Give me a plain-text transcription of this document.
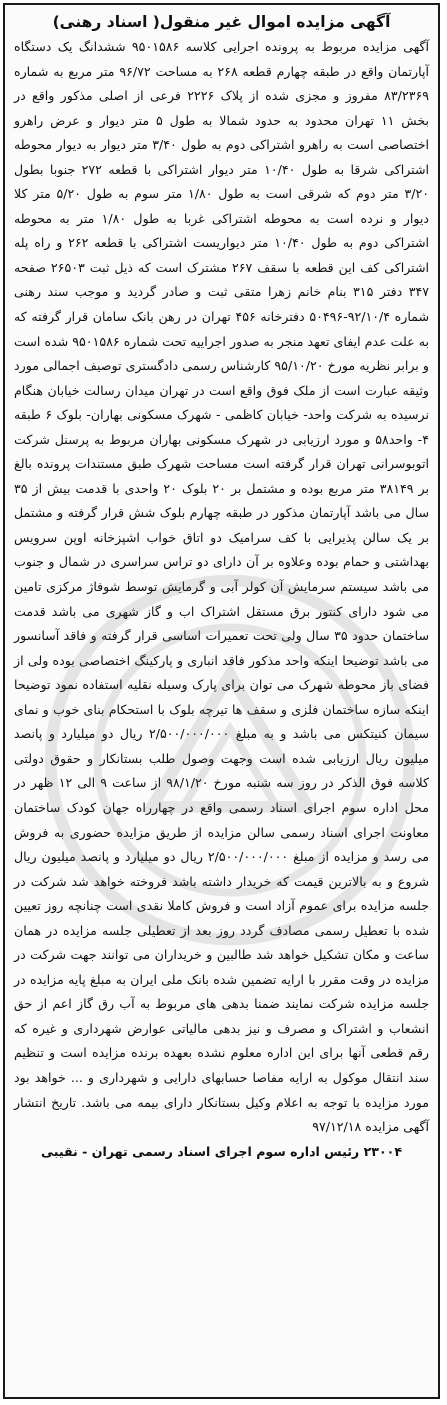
آگهی مزایده اموال غیر منقول( اسناد رهنی)

آگهی مزایده مربوط به پرونده اجرایی کلاسه ۹۵۰۱۵۸۶ ششدانگ یک دستگاه آپارتمان واقع در طبقه چهارم قطعه ۲۶۸ به مساحت ۹۶/۷۲ متر مربع به شماره ۸۳/۲۳۶۹ مفروز و مجزی شده از پلاک ۲۲۲۶ فرعی از اصلی مذکور واقع در بخش ۱۱ تهران محدود به حدود شمالا به طول ۵ متر دیوار و عرض راهرو اختصاصی است به راهرو اشتراکی دوم به طول ۳/۴۰ متر دیوار به دیوار محوطه اشتراکی شرقا به طول ۱۰/۴۰ متر دیوار اشتراکی با قطعه ۲۷۲ جنوبا بطول ۳/۲۰ متر دوم که شرقی است به طول ۱/۸۰ متر سوم به طول ۵/۲۰ متر کلا دیوار و نرده است به محوطه اشتراکی غربا به طول ۱/۸۰ متر به محوطه اشتراکی دوم به طول ۱۰/۴۰ متر دیواریست اشتراکی با قطعه ۲۶۲ و راه پله اشتراکی کف این قطعه با سقف ۲۶۷ مشترک است که ذیل ثبت ۲۶۵۰۳ صفحه ۳۴۷ دفتر ۳۱۵ بنام خانم زهرا متقی ثبت و صادر گردید و موجب سند رهنی شماره ۹۲/۱۰/۴-۵۰۴۹۶ دفترخانه ۴۵۶ تهران در رهن بانک سامان قرار گرفته که به علت عدم ایفای تعهد منجر به صدور اجراییه تحت شماره ۹۵۰۱۵۸۶ شده است و برابر نظریه مورخ ۹۵/۱۰/۲۰ کارشناس رسمی دادگستری توصیف اجمالی مورد وثیقه عبارت است از ملک فوق واقع است در تهران میدان رسالت خیابان هنگام نرسیده به شرکت واحد- خیابان کاظمی - شهرک مسکونی بهاران- بلوک ۶ طبقه ۴- واحد۵۸ و مورد ارزیابی در شهرک مسکونی بهاران مربوط به پرسنل شرکت اتوبوسرانی تهران قرار گرفته است مساحت شهرک طبق مستندات پرونده بالغ بر ۳۸۱۴۹ متر مربع بوده و مشتمل بر ۲۰ بلوک ۲۰ واحدی با قدمت بیش از ۳۵ سال می باشد آپارتمان مذکور در طبقه چهارم بلوک شش قرار گرفته و مشتمل بر یک سالن پذیرایی با کف سرامیک دو اتاق خواب اشپزخانه اوپن سرویس بهداشتی و حمام بوده وعلاوه بر آن دارای دو تراس سراسری در شمال و جنوب می باشد سیستم سرمایش آن کولر آبی و گرمایش توسط شوفاژ مرکزی تامین می شود دارای کنتور برق مستقل اشتراک اب و گاز شهری می باشد قدمت ساختمان حدود ۳۵ سال ولی تحت تعمیرات اساسی قرار گرفته و فاقد آسانسور می باشد توضیحا اینکه واحد مذکور فاقد انباری و پارکینگ اختصاصی بوده ولی از فضای باز محوطه شهرک می توان برای پارک وسیله نقلیه استفاده نمود توضیحا اینکه سازه ساختمان فلزی و سقف ها تیرچه بلوک با استحکام بنای خوب و نمای سیمان کنیتکس می باشد و به مبلغ ۲/۵۰۰/۰۰۰/۰۰۰ ریال دو میلیارد و پانصد میلیون ریال ارزیابی شده است وجهت وصول طلب بستانکار و حقوق دولتی کلاسه فوق الذکر در روز سه شنبه مورخ ۹۸/۱/۲۰ از ساعت ۹ الی ۱۲ ظهر در محل اداره سوم اجرای اسناد رسمی واقع در چهارراه جهان کودک ساختمان معاونت اجرای اسناد رسمی سالن مزایده از طریق مزایده حضوری به فروش می رسد و مزایده از مبلغ ۲/۵۰۰/۰۰۰/۰۰۰ ریال دو میلیارد و پانصد میلیون ریال شروع و به بالاترین قیمت که خریدار داشته باشد فروخته خواهد شد شرکت در جلسه مزایده برای عموم آزاد است و فروش کاملا نقدی است چنانچه روز تعیین شده با تعطیل رسمی مصادف گردد روز بعد از تعطیلی جلسه مزایده در همان ساعت و مکان تشکیل خواهد شد طالبین و خریداران می توانند جهت شرکت در مزایده در وقت مقرر با ارایه تضمین شده بانک ملی ایران به مبلغ پایه مزایده در جلسه مزایده شرکت نمایند ضمنا بدهی های مربوط به آب رق گاز اعم از حق انشعاب و اشتراک و مصرف و نیز بدهی مالیاتی عوارض شهرداری و غیره که رقم قطعی آنها برای این اداره معلوم نشده بعهده برنده مزایده است و تنظیم سند انتقال موکول به ارایه مفاصا حسابهای دارایی و شهرداری و ... خواهد بود مورد مزایده با توجه به اعلام وکیل بستانکار دارای بیمه می باشد. تاریخ انتشار آگهی مزایده ۹۷/۱۲/۱۸

۲۳۰۰۴ رئیس اداره سوم اجرای اسناد رسمی تهران - نقیبی
